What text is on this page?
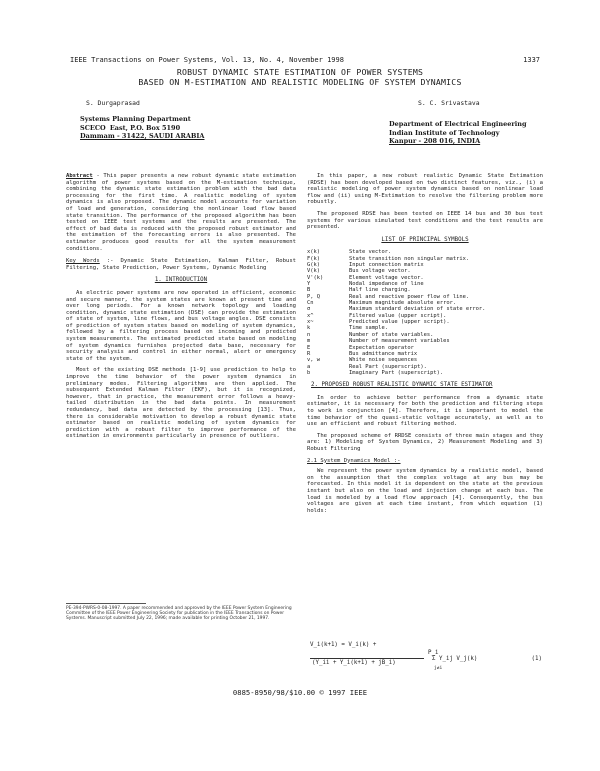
IEEE Transactions on Power Systems, Vol. 13, No. 4, November 1998	1337
ROBUST DYNAMIC STATE ESTIMATION OF POWER SYSTEMS
BASED ON M-ESTIMATION AND REALISTIC MODELING OF SYSTEM DYNAMICS
S. Durgaprasad
Systems Planning Department
SCECO East, P.O. Box 5190
Dammam - 31422, SAUDI ARABIA
S. C. Srivastava
Department of Electrical Engineering
Indian Institute of Technology
Kanpur - 208 016, INDIA

Abstract - This paper presents a new robust dynamic state estimation algorithm of power systems based on the M-estimation technique, combining the dynamic state estimation problem with the bad data processing for the first time. A realistic modeling of system dynamics is also proposed. The dynamic model accounts for variation of load and generation, considering the nonlinear load flow based state transition. The performance of the proposed algorithm has been tested on IEEE test systems and the results are presented. The effect of bad data is reduced with the proposed robust estimator and the estimation of the forecasting errors is also presented. The estimator produces good results for all the system measurement conditions.

Key Words :- Dynamic State Estimation, Kalman Filter, Robust Filtering, State Prediction, Power Systems, Dynamic Modeling

1. INTRODUCTION

As electric power systems are now operated in efficient, economic and secure manner, the system states are known at present time and over long periods. For a known network topology and loading condition, dynamic state estimation (DSE) can provide the estimation of state of system, line flows, and bus voltage angles. DSE consists of prediction of system states based on modeling of system dynamics, followed by a filtering process based on incoming and predicted system measurements. The estimated predicted state based on modeling of system dynamics furnishes projected data base, necessary for security analysis and control in either normal, alert or emergency state of the system.

Most of the existing DSE methods [1-9] use prediction to help to improve the time behavior of the power system dynamics in preliminary modes. Filtering algorithms are then applied. The subsequent Extended Kalman Filter (EKF), but it is recognized, however, that in practice, the measurement error follows a heavy-tailed distribution in the bad data points. In measurement redundancy, bad data are detected by the processing [13]. Thus, there is considerable motivation to develop a robust dynamic state estimator based on realistic modeling of system dynamics for prediction with a robust filter to improve performance of the estimation in environments particularly in presence of outliers.

PE-394-PWRS-0-08-1997. A paper recommended and approved by the IEEE Power System Engineering Committee of the IEEE Power Engineering Society for publication in the IEEE Transactions on Power Systems. Manuscript submitted July 22, 1996; made available for printing October 21, 1997.

In this paper, a new robust realistic Dynamic State Estimation (RDSE) has been developed based on two distinct features, viz., (i) a realistic modeling of power system dynamics based on nonlinear load flow and (ii) using M-Estimation to resolve the filtering problem more robustly.

The proposed RDSE has been tested on IEEE 14 bus and 30 bus test systems for various simulated test conditions and the test results are presented.

LIST OF PRINCIPAL SYMBOLS
x(k)	State vector.
F(k)	State transition non singular matrix.
G(k)	Input connection matrix
V(k)	Bus voltage vector.
V'(k)	Element voltage vector.
Y	Nodal impedance of line
B	Half line charging.
P, Q	Real and reactive power flow of line.
Cn	Maximum magnitude absolute error.
σ	Maximum standard deviation of state error.
x^	Filtered value (upper script).
x~	Predicted value (upper script).
k	Time sample.
n	Number of state variables.
m	Number of measurement variables
E	Expectation operator
R	Bus admittance matrix
v, w	White noise sequences
a	Real Part (superscript).
b	Imaginary Part (superscript).
2. PROPOSED ROBUST REALISTIC DYNAMIC STATE ESTIMATOR

In order to achieve better performance from a dynamic state estimator, it is necessary for both the prediction and filtering steps to work in conjunction [4]. Therefore, it is important to model the time behavior of the quasi-static voltage accurately, as well as to use an efficient and robust filtering method.

The proposed scheme of RRDSE consists of three main stages and they are: 1) Modeling of System Dynamics, 2) Measurement Modeling and 3) Robust Filtering

2.1 System Dynamics Model :-

We represent the power system dynamics by a realistic model, based on the assumption that the complex voltage at any bus may be forecasted. In this model it is dependent on the state at the previous instant but also on the load and injection change at each bus. The load is modeled by a load flow approach [4]. Consequently, the bus voltages are given at each time instant, from which equation (1) holds:

V_i(k+1) = V_i(k) +
P_i
(Y_ii + Y_i(k+1) + jB_i)
Σ Y_ij V_j(k)
j≠i
(1)
0885-8950/98/$10.00 © 1997 IEEE
